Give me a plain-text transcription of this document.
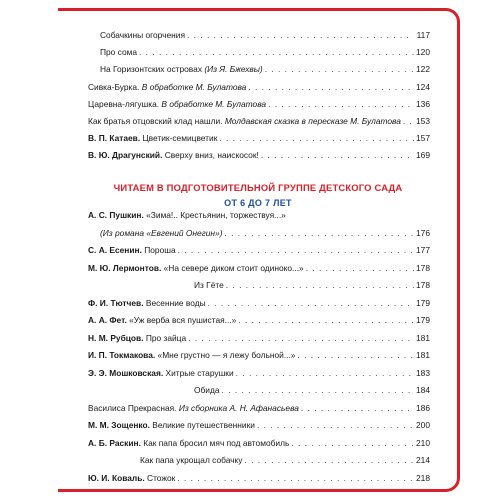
Собачкины огорчения . . .	117
Про сома . . .	120
На Горизонтских островах (Из Я. Бжехвы) . . .	122
Сивка-Бурка. В обработке М. Булатова . . .	124
Царевна-лягушка. В обработке М. Булатова . . .	136
Как братья отцовский клад нашли. Молдавская сказка в пересказе М. Булатова . . . 153
В. П. Катаев. Цветик-семицветик . . .	157
В. Ю. Драгунский. Сверху вниз, наискосок! . . .	169
ЧИТАЕМ В ПОДГОТОВИТЕЛЬНОЙ ГРУППЕ ДЕТСКОГО САДА
ОТ 6 ДО 7 ЛЕТ
А. С. Пушкин. «Зима!.. Крестьянин, торжествуя...»
(Из романа «Евгений Онегин») . . .	176
С. А. Есенин. Пороша . . .	177
М. Ю. Лермонтов. «На севере диком стоит одиноко...» . . .	178
Из Гёте . . .	178
Ф. И. Тютчев. Весенние воды . . .	179
А. А. Фет. «Уж верба вся пушистая...» . . .	179
Н. М. Рубцов. Про зайца . . .	181
И. П. Токмакова. «Мне грустно — я лежу больной...» . . .	181
Э. Э. Мошковская. Хитрые старушки . . .	183
Обида . . .	184
Василиса Прекрасная. Из сборника А. Н. Афанасьева . . .	186
М. М. Зощенко. Великие путешественники . . .	200
А. Б. Раскин. Как папа бросил мяч под автомобиль . . .	210
Как папа укрощал собачку . . .	214
Ю. И. Коваль. Стожок . . .	218
